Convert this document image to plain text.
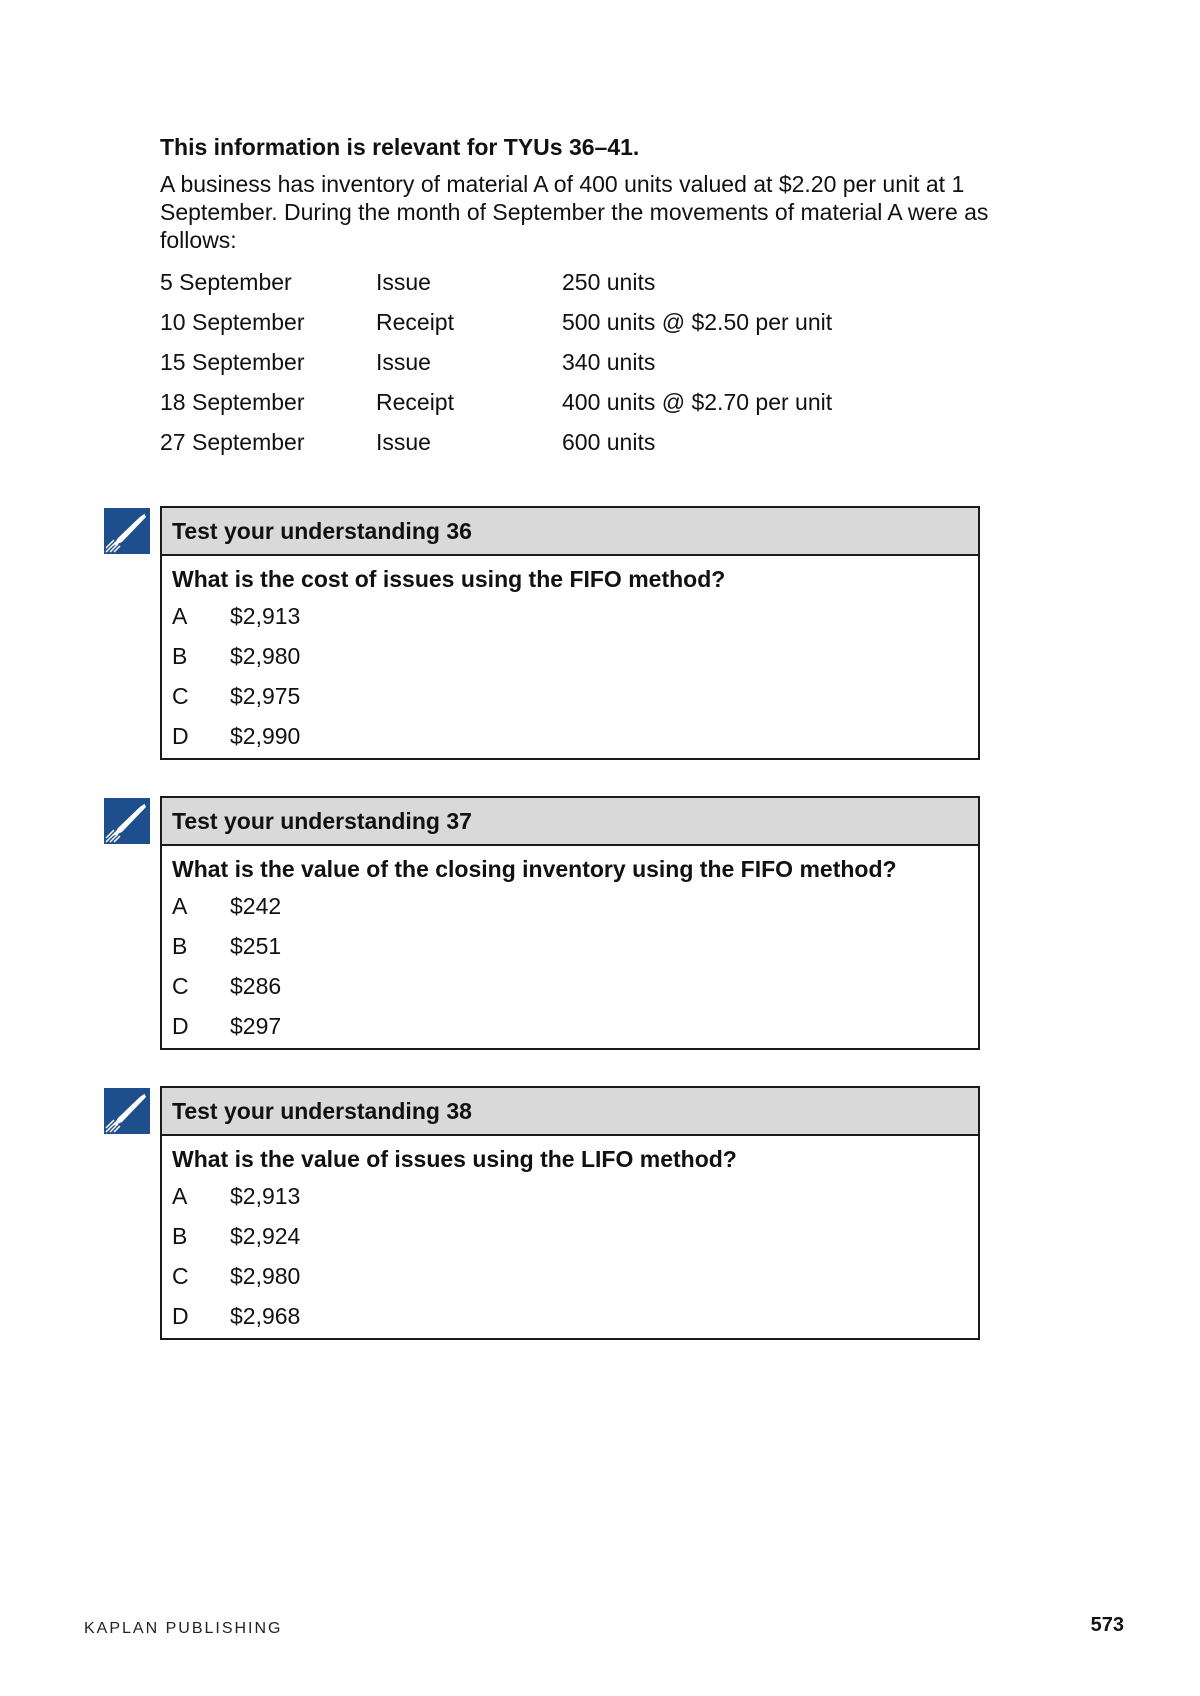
This information is relevant for TYUs 36–41.

A business has inventory of material A of 400 units valued at $2.20 per unit at 1 September. During the month of September the movements of material A were as follows:

5 September	Issue	250 units
10 September	Receipt	500 units @ $2.50 per unit
15 September	Issue	340 units
18 September	Receipt	400 units @ $2.70 per unit
27 September	Issue	600 units
Test your understanding 36
What is the cost of issues using the FIFO method?
A	$2,913
B	$2,980
C	$2,975
D	$2,990
Test your understanding 37
What is the value of the closing inventory using the FIFO method?
A	$242
B	$251
C	$286
D	$297
Test your understanding 38
What is the value of issues using the LIFO method?
A	$2,913
B	$2,924
C	$2,980
D	$2,968
KAPLAN PUBLISHING	573
